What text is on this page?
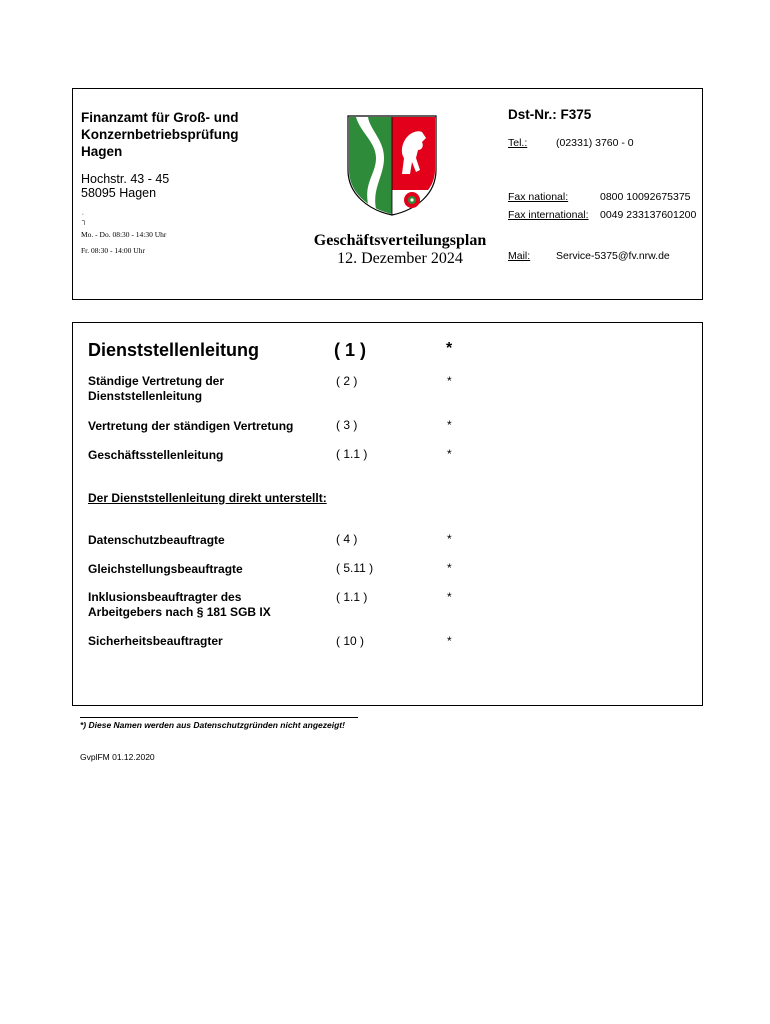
Finanzamt für Groß- und
Konzernbetriebsprüfung
Hagen
Hochstr. 43 - 45
58095 Hagen
∙
┐
Mo. - Do. 08:30 - 14:30 Uhr
Fr. 08:30 - 14:00 Uhr
Geschäftsverteilungsplan
12. Dezember 2024
Dst-Nr.: F375
Tel.:	(02331) 3760 - 0
Fax national:	0800 10092675375
Fax international: 0049 233137601200
Mail: Service-5375@fv.nrw.de
Dienststellenleitung	( 1 )	*
Ständige Vertretung der
Dienststellenleitung
( 2 )	*
Vertretung der ständigen Vertretung	( 3 )	*
Geschäftsstellenleitung	( 1.1 )	*
Der Dienststellenleitung direkt unterstellt:
Datenschutzbeauftragte	( 4 )	*
Gleichstellungsbeauftragte	( 5.11 )	*
Inklusionsbeauftragter des
Arbeitgebers nach § 181 SGB IX
( 1.1 )	*
Sicherheitsbeauftragter	( 10 )	*
*) Diese Namen werden aus Datenschutzgründen nicht angezeigt!
GvplFM 01.12.2020
